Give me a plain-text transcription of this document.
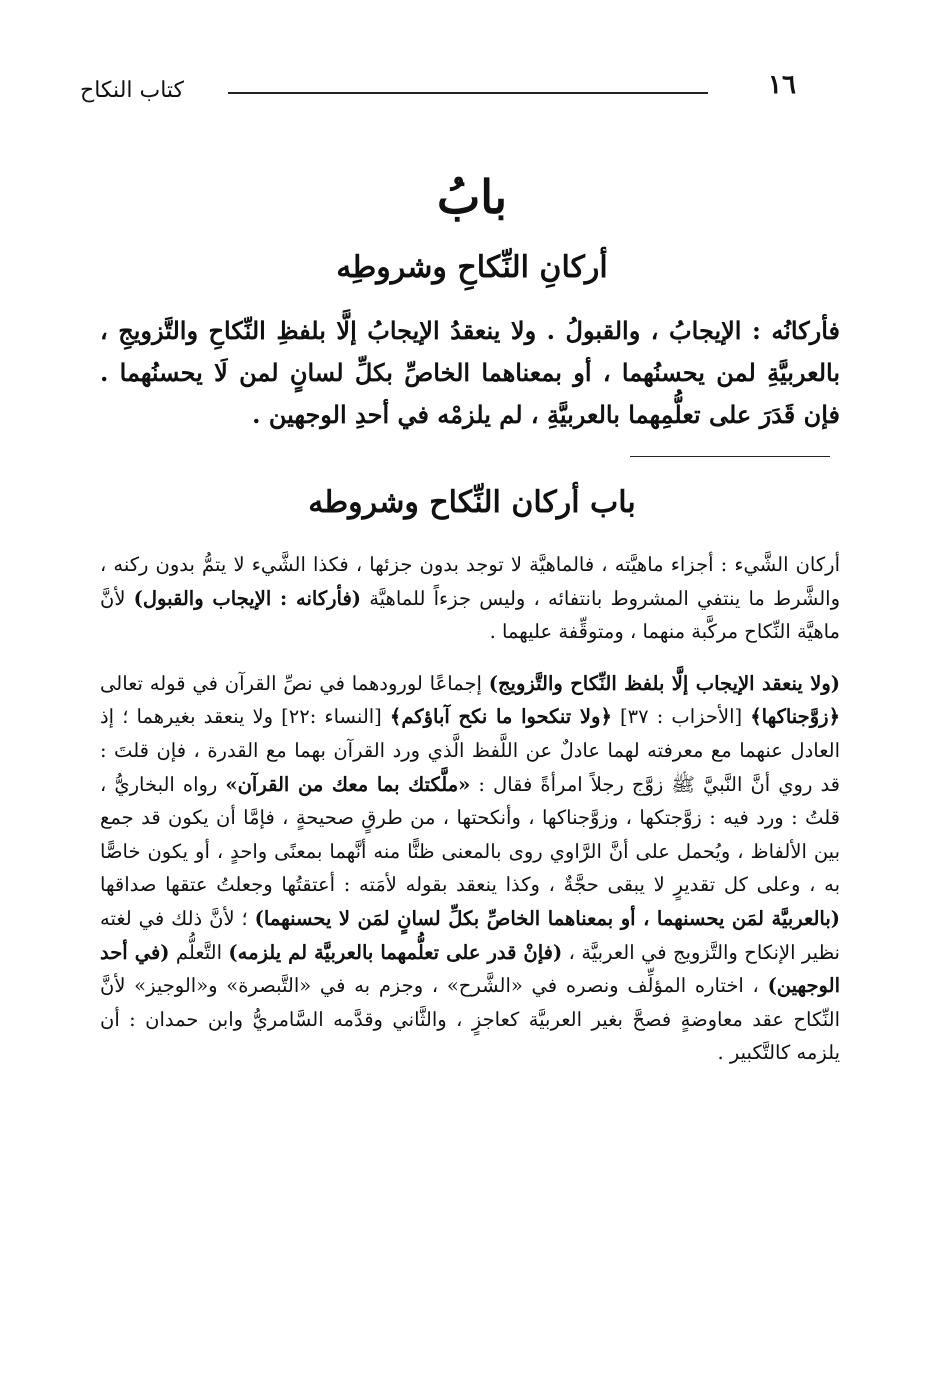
١٦
كتاب النكاح
بابُ
أركانِ النِّكاحِ وشروطِه
فأركانُه : الإيجابُ ، والقبولُ . ولا ينعقدُ الإيجابُ إلَّا بلفظِ النِّكاحِ والتَّزويجِ ، بالعربيَّةِ لمن يحسنُهما ، أو بمعناهما الخاصِّ بكلِّ لسانٍ لمن لَا يحسنُهما . فإن قَدَرَ على تعلُّمِهما بالعربيَّةِ ، لم يلزمْه في أحدِ الوجهين .
باب أركان النِّكاح وشروطه

أركان الشَّيء : أجزاء ماهيَّته ، فالماهيَّة لا توجد بدون جزئها ، فكذا الشَّيء لا يتمُّ بدون ركنه ، والشَّرط ما ينتفي المشروط بانتفائه ، وليس جزءاً للماهيَّة (فأركانه : الإيجاب والقبول) لأنَّ ماهيَّة النِّكاح مركَّبة منهما ، ومتوقِّفة عليهما .

(ولا ينعقد الإيجاب إلَّا بلفظ النِّكاح والتَّزويج) إجماعًا لورودهما في نصِّ القرآن في قوله تعالى ﴿زوَّجناكها﴾ [الأحزاب : ٣٧] ﴿ولا تنكحوا ما نكح آباؤكم﴾ [النساء :٢٢] ولا ينعقد بغيرهما ؛ إذ العادل عنهما مع معرفته لهما عادلٌ عن اللَّفظ الَّذي ورد القرآن بهما مع القدرة ، فإن قلتَ : قد روي أنَّ النَّبيَّ ﷺ زوَّج رجلاً امرأةً فقال : «ملَّكتك بما معك من القرآن» رواه البخاريُّ ، قلتُ : ورد فيه : زوَّجتكها ، وزوَّجناكها ، وأنكحتها ، من طرقٍ صحيحةٍ ، فإمَّا أن يكون قد جمع بين الألفاظ ، ويُحمل على أنَّ الرَّاوي روى بالمعنى ظنًّا منه أنَّهما بمعنًى واحدٍ ، أو يكون خاصًّا به ، وعلى كل تقديرٍ لا يبقى حجَّةٌ ، وكذا ينعقد بقوله لأمَته : أعتقتُها وجعلتُ عتقها صداقها (بالعربيَّة لمَن يحسنهما ، أو بمعناهما الخاصِّ بكلِّ لسانٍ لمَن لا يحسنهما) ؛ لأنَّ ذلك في لغته نظير الإنكاح والتَّزويج في العربيَّة ، (فإنْ قدر على تعلُّمهما بالعربيَّة لم يلزمه) التَّعلُّم (في أحد الوجهين) ، اختاره المؤلِّف ونصره في «الشَّرح» ، وجزم به في «التَّبصرة» و«الوجيز» لأنَّ النِّكاح عقد معاوضةٍ فصحَّ بغير العربيَّة كعاجزٍ ، والثَّاني وقدَّمه السَّامريُّ وابن حمدان : أن يلزمه كالتَّكبير .
